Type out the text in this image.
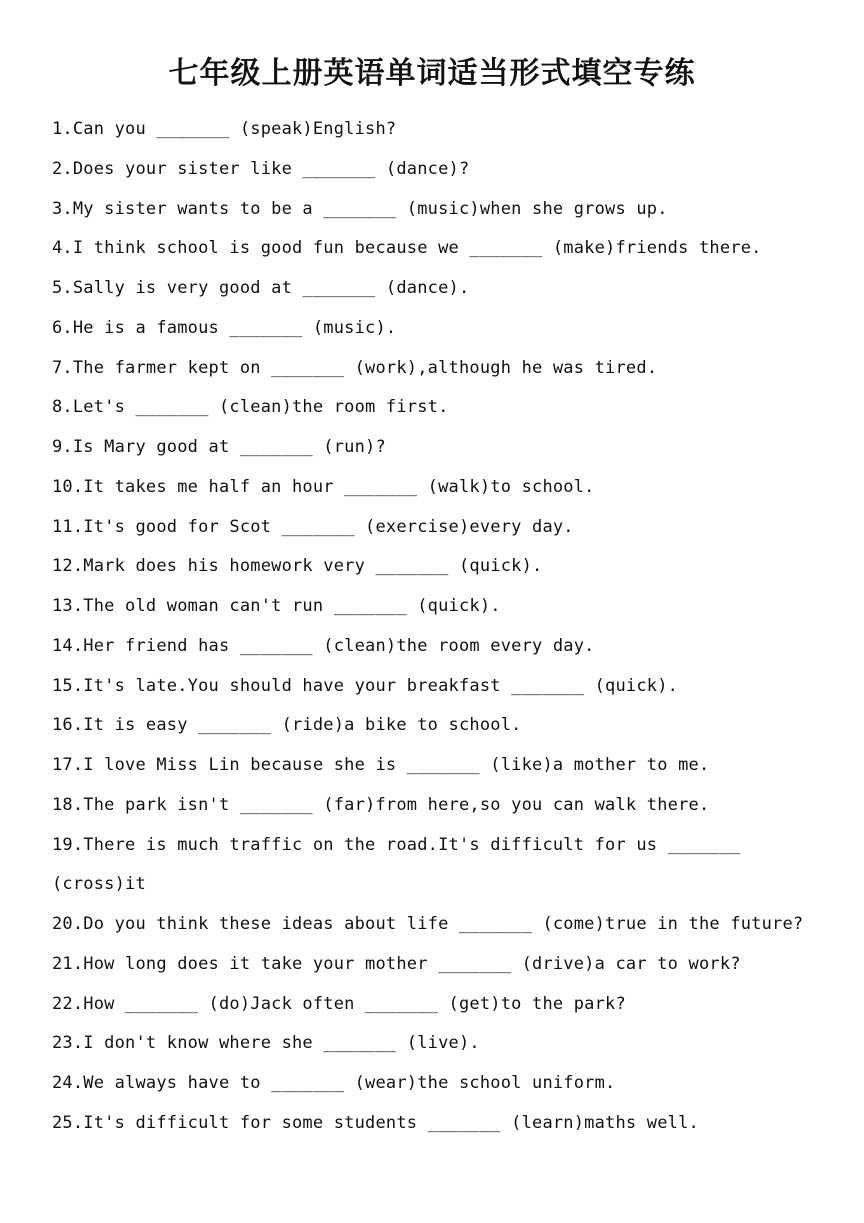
七年级上册英语单词适当形式填空专练
1.Can you _______ (speak)English?
2.Does your sister like _______ (dance)?
3.My sister wants to be a _______ (music)when she grows up.
4.I think school is good fun because we _______ (make)friends there.
5.Sally is very good at _______ (dance).
6.He is a famous _______ (music).
7.The farmer kept on _______ (work),although he was tired.
8.Let's _______ (clean)the room first.
9.Is Mary good at _______ (run)?
10.It takes me half an hour _______ (walk)to school.
11.It's good for Scot _______ (exercise)every day.
12.Mark does his homework very _______ (quick).
13.The old woman can't run _______ (quick).
14.Her friend has _______ (clean)the room every day.
15.It's late.You should have your breakfast _______ (quick).
16.It is easy _______ (ride)a bike to school.
17.I love Miss Lin because she is _______ (like)a mother to me.
18.The park isn't _______ (far)from here,so you can walk there.
19.There is much traffic on the road.It's difficult for us _______
(cross)it
20.Do you think these ideas about life _______ (come)true in the future?
21.How long does it take your mother _______ (drive)a car to work?
22.How _______ (do)Jack often _______ (get)to the park?
23.I don't know where she _______ (live).
24.We always have to _______ (wear)the school uniform.
25.It's difficult for some students _______ (learn)maths well.
